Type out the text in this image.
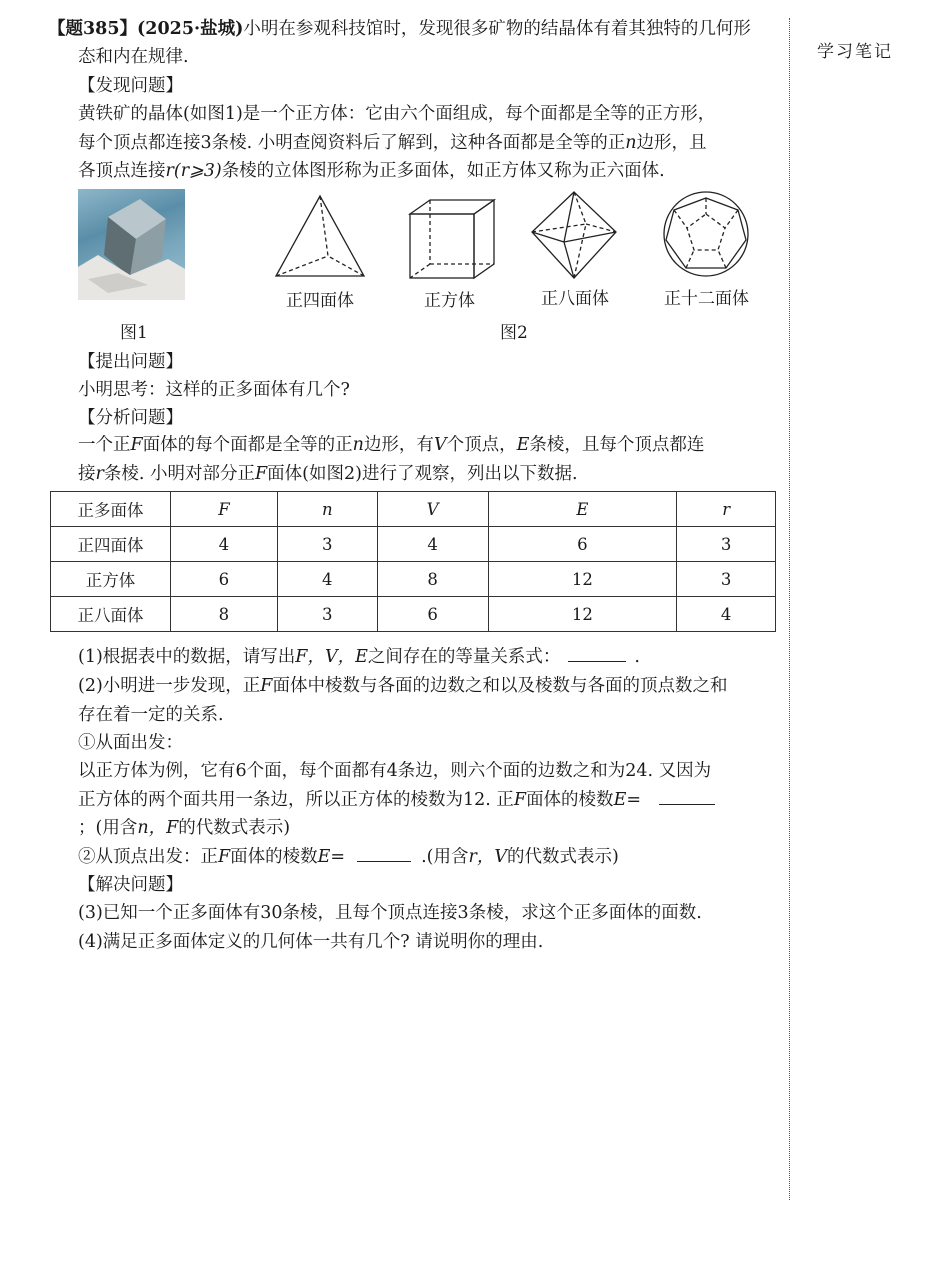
学习笔记
【题385】(2025·盐城)小明在参观科技馆时，发现很多矿物的结晶体有着其独特的几何形
态和内在规律.
【发现问题】
黄铁矿的晶体(如图1)是一个正方体：它由六个面组成，每个面都是全等的正方形，
每个顶点都连接3条棱. 小明查阅资料后了解到，这种各面都是全等的正n边形，且
各顶点连接r(r⩾3)条棱的立体图形称为正多面体，如正方体又称为正六面体.
图1
正四面体	正方体	正八面体	正十二面体
图2
【提出问题】
小明思考：这样的正多面体有几个?
【分析问题】
一个正F面体的每个面都是全等的正n边形，有V个顶点，E条棱，且每个顶点都连
接r条棱. 小明对部分正F面体(如图2)进行了观察，列出以下数据.
正多面体	F	n	V	E	r
正四面体	4	3	4	6	3
正方体	6	4	8	12	3
正八面体	8	3	6	12	4
(1)根据表中的数据，请写出F，V，E之间存在的等量关系式：	.
(2)小明进一步发现，正F面体中棱数与各面的边数之和以及棱数与各面的顶点数之和
存在着一定的关系.
①从面出发：
以正方体为例，它有6个面，每个面都有4条边，则六个面的边数之和为24. 又因为
正方体的两个面共用一条边，所以正方体的棱数为12. 正F面体的棱数E=
；(用含n，F的代数式表示)
②从顶点出发：正F面体的棱数E=	.(用含r，V的代数式表示)
【解决问题】
(3)已知一个正多面体有30条棱，且每个顶点连接3条棱，求这个正多面体的面数.
(4)满足正多面体定义的几何体一共有几个? 请说明你的理由.
